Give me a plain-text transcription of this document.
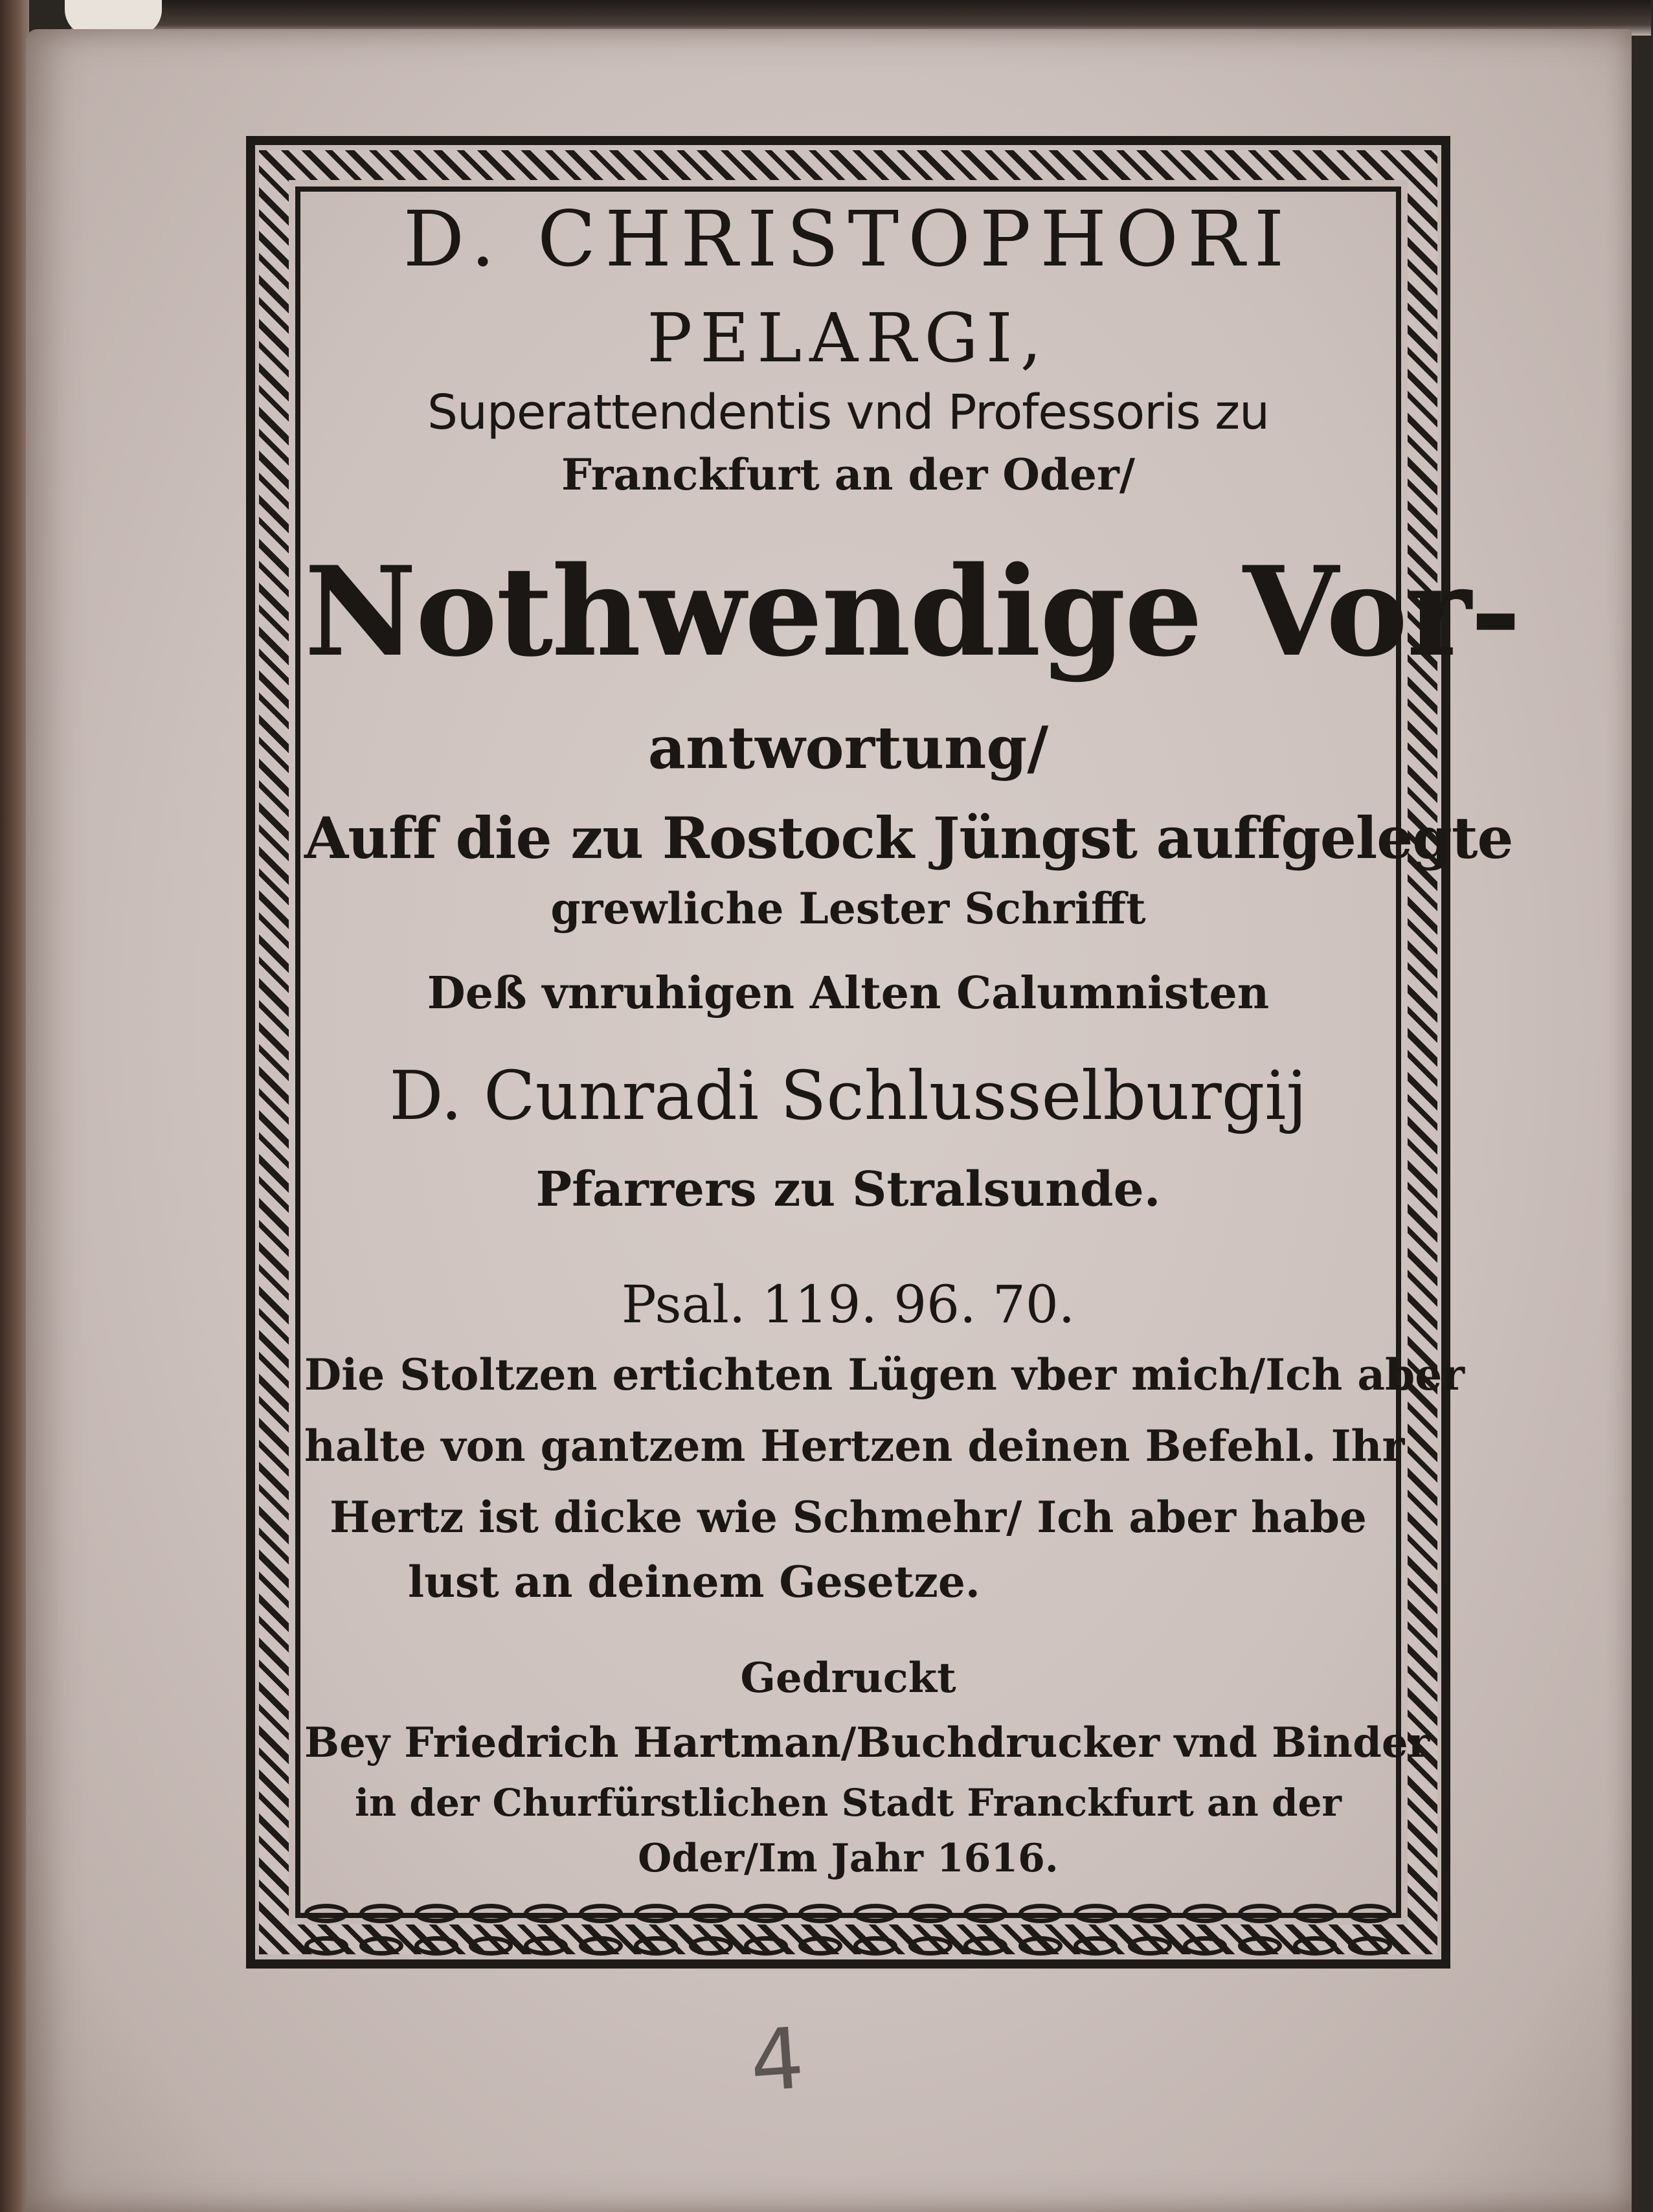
D. CHRISTOPHORI
PELARGI,
Superattendentis vnd Professoris zu
Franckfurt an der Oder/
Nothwendige Vor-
antwortung/
Auff die zu Rostock Jüngst auffgelegte
grewliche Lester Schrifft
Deß vnruhigen Alten Calumnisten
D. Cunradi Schlusselburgij
Pfarrers zu Stralsunde.
Psal. 119. 96. 70.
Die Stoltzen ertichten Lügen vber mich/Ich aber
halte von gantzem Hertzen deinen Befehl. Ihr
Hertz ist dicke wie Schmehr/ Ich aber habe
lust an deinem Gesetze.
Gedruckt
Bey Friedrich Hartman/Buchdrucker vnd Binder
in der Churfürstlichen Stadt Franckfurt an der
Oder/Im Jahr 1616.
4
